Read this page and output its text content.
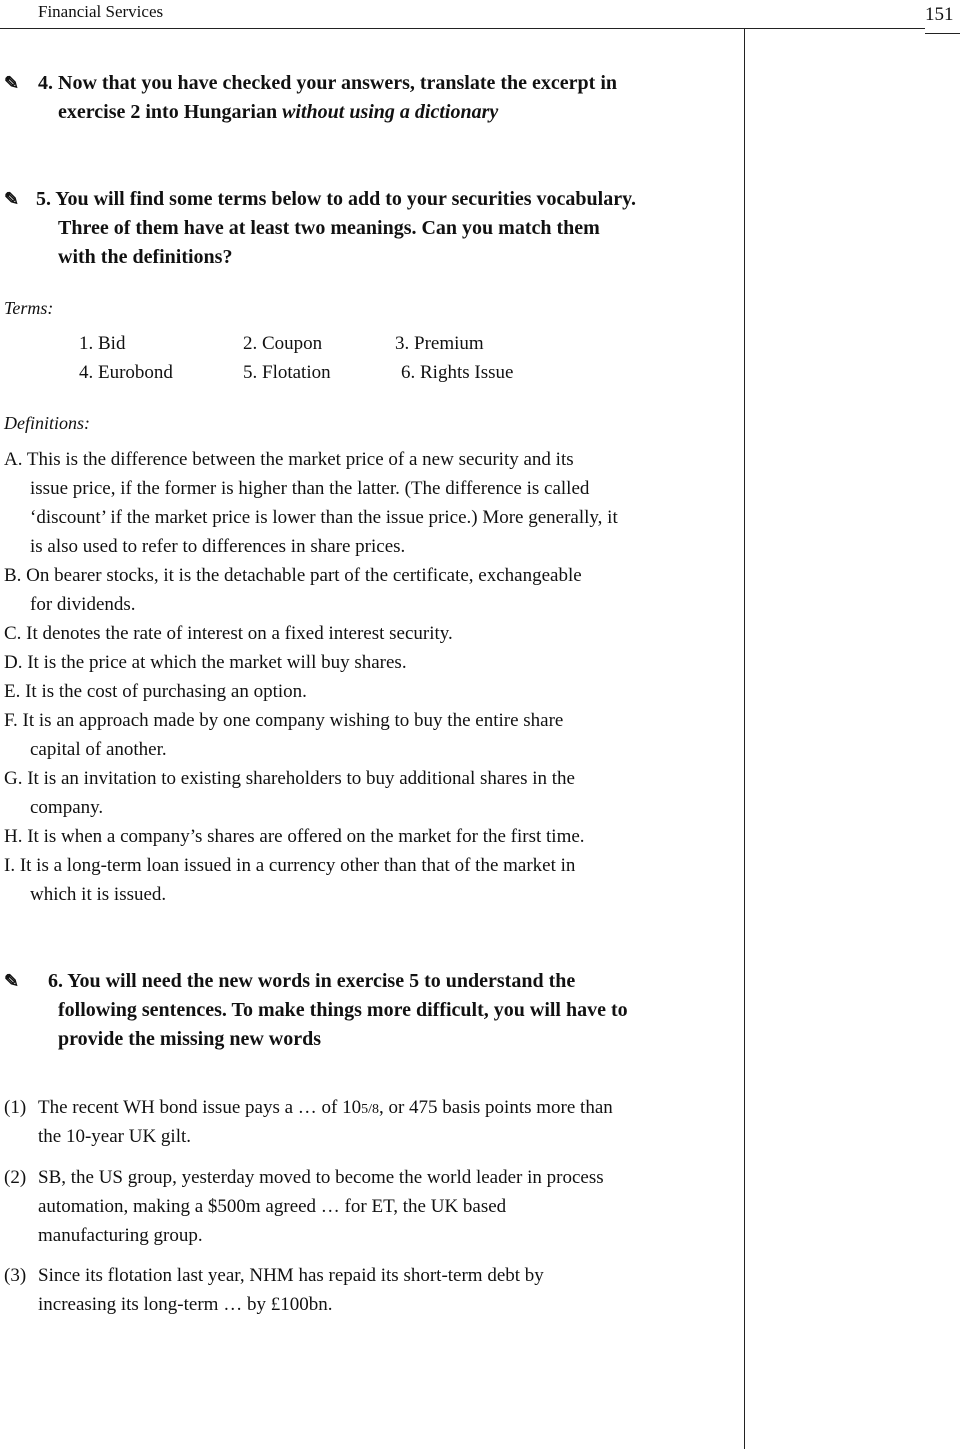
Financial Services	151
✎ 4. Now that you have checked your answers, translate the excerpt in
exercise 2 into Hungarian without using a dictionary
✎ 5. You will find some terms below to add to your securities vocabulary.
Three of them have at least two meanings. Can you match them
with the definitions?
Terms:
1. Bid	2. Coupon	3. Premium
4. Eurobond	5. Flotation	6. Rights Issue
Definitions:
A. This is the difference between the market price of a new security and its
issue price, if the former is higher than the latter. (The difference is called
‘discount’ if the market price is lower than the issue price.) More generally, it
is also used to refer to differences in share prices.
B. On bearer stocks, it is the detachable part of the certificate, exchangeable
for dividends.
C. It denotes the rate of interest on a fixed interest security.
D. It is the price at which the market will buy shares.
E. It is the cost of purchasing an option.
F. It is an approach made by one company wishing to buy the entire share
capital of another.
G. It is an invitation to existing shareholders to buy additional shares in the
company.
H. It is when a company’s shares are offered on the market for the first time.
I. It is a long-term loan issued in a currency other than that of the market in
which it is issued.
✎ 6. You will need the new words in exercise 5 to understand the
following sentences. To make things more difficult, you will have to
provide the missing new words
(1) The recent WH bond issue pays a … of 105/8, or 475 basis points more than
the 10-year UK gilt.
(2) SB, the US group, yesterday moved to become the world leader in process
automation, making a $500m agreed … for ET, the UK based
manufacturing group.
(3) Since its flotation last year, NHM has repaid its short-term debt by
increasing its long-term … by £100bn.
